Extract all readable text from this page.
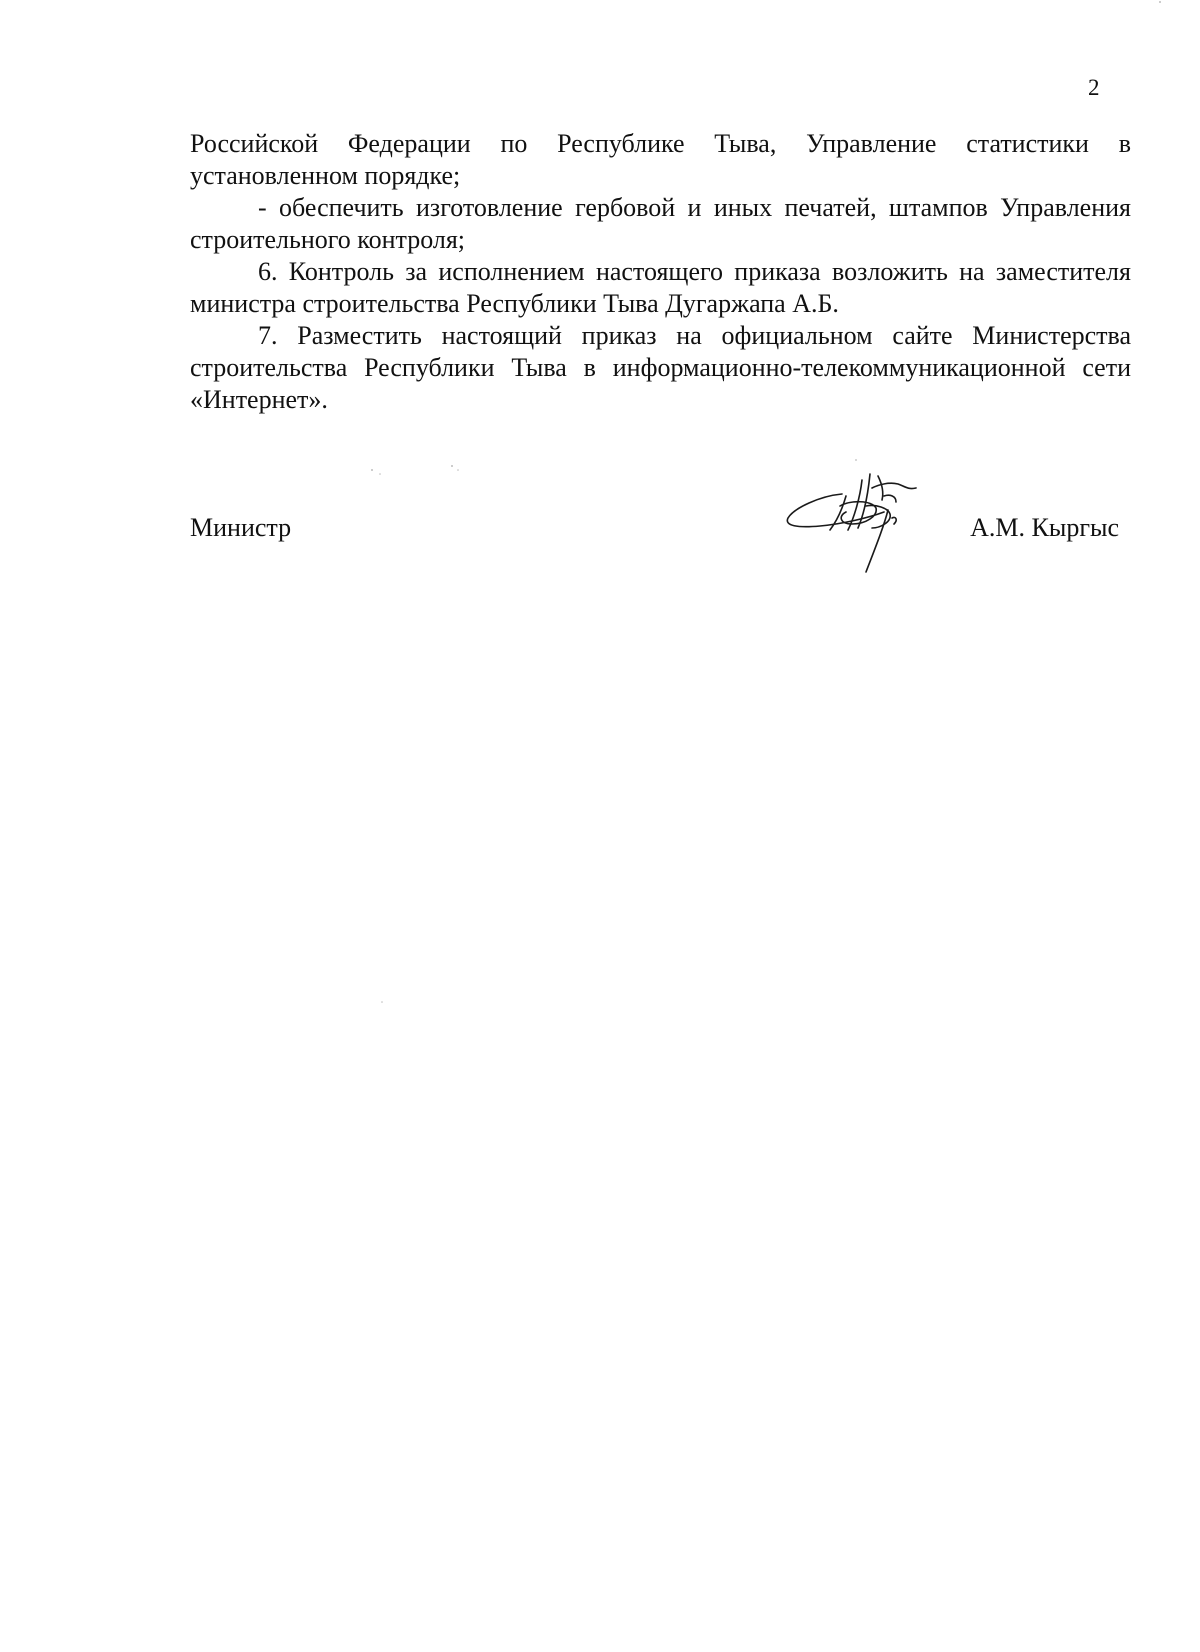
2

Российской Федерации по Республике Тыва, Управление статистики в установленном порядке;

- обеспечить изготовление гербовой и иных печатей, штампов Управления строительного контроля;

6. Контроль за исполнением настоящего приказа возложить на заместителя министра строительства Республики Тыва Дугаржапа А.Б.

7. Разместить настоящий приказ на официальном сайте Министерства строительства Республики Тыва в информационно-телекоммуникационной сети «Интернет».

Министр	А.М. Кыргыс
